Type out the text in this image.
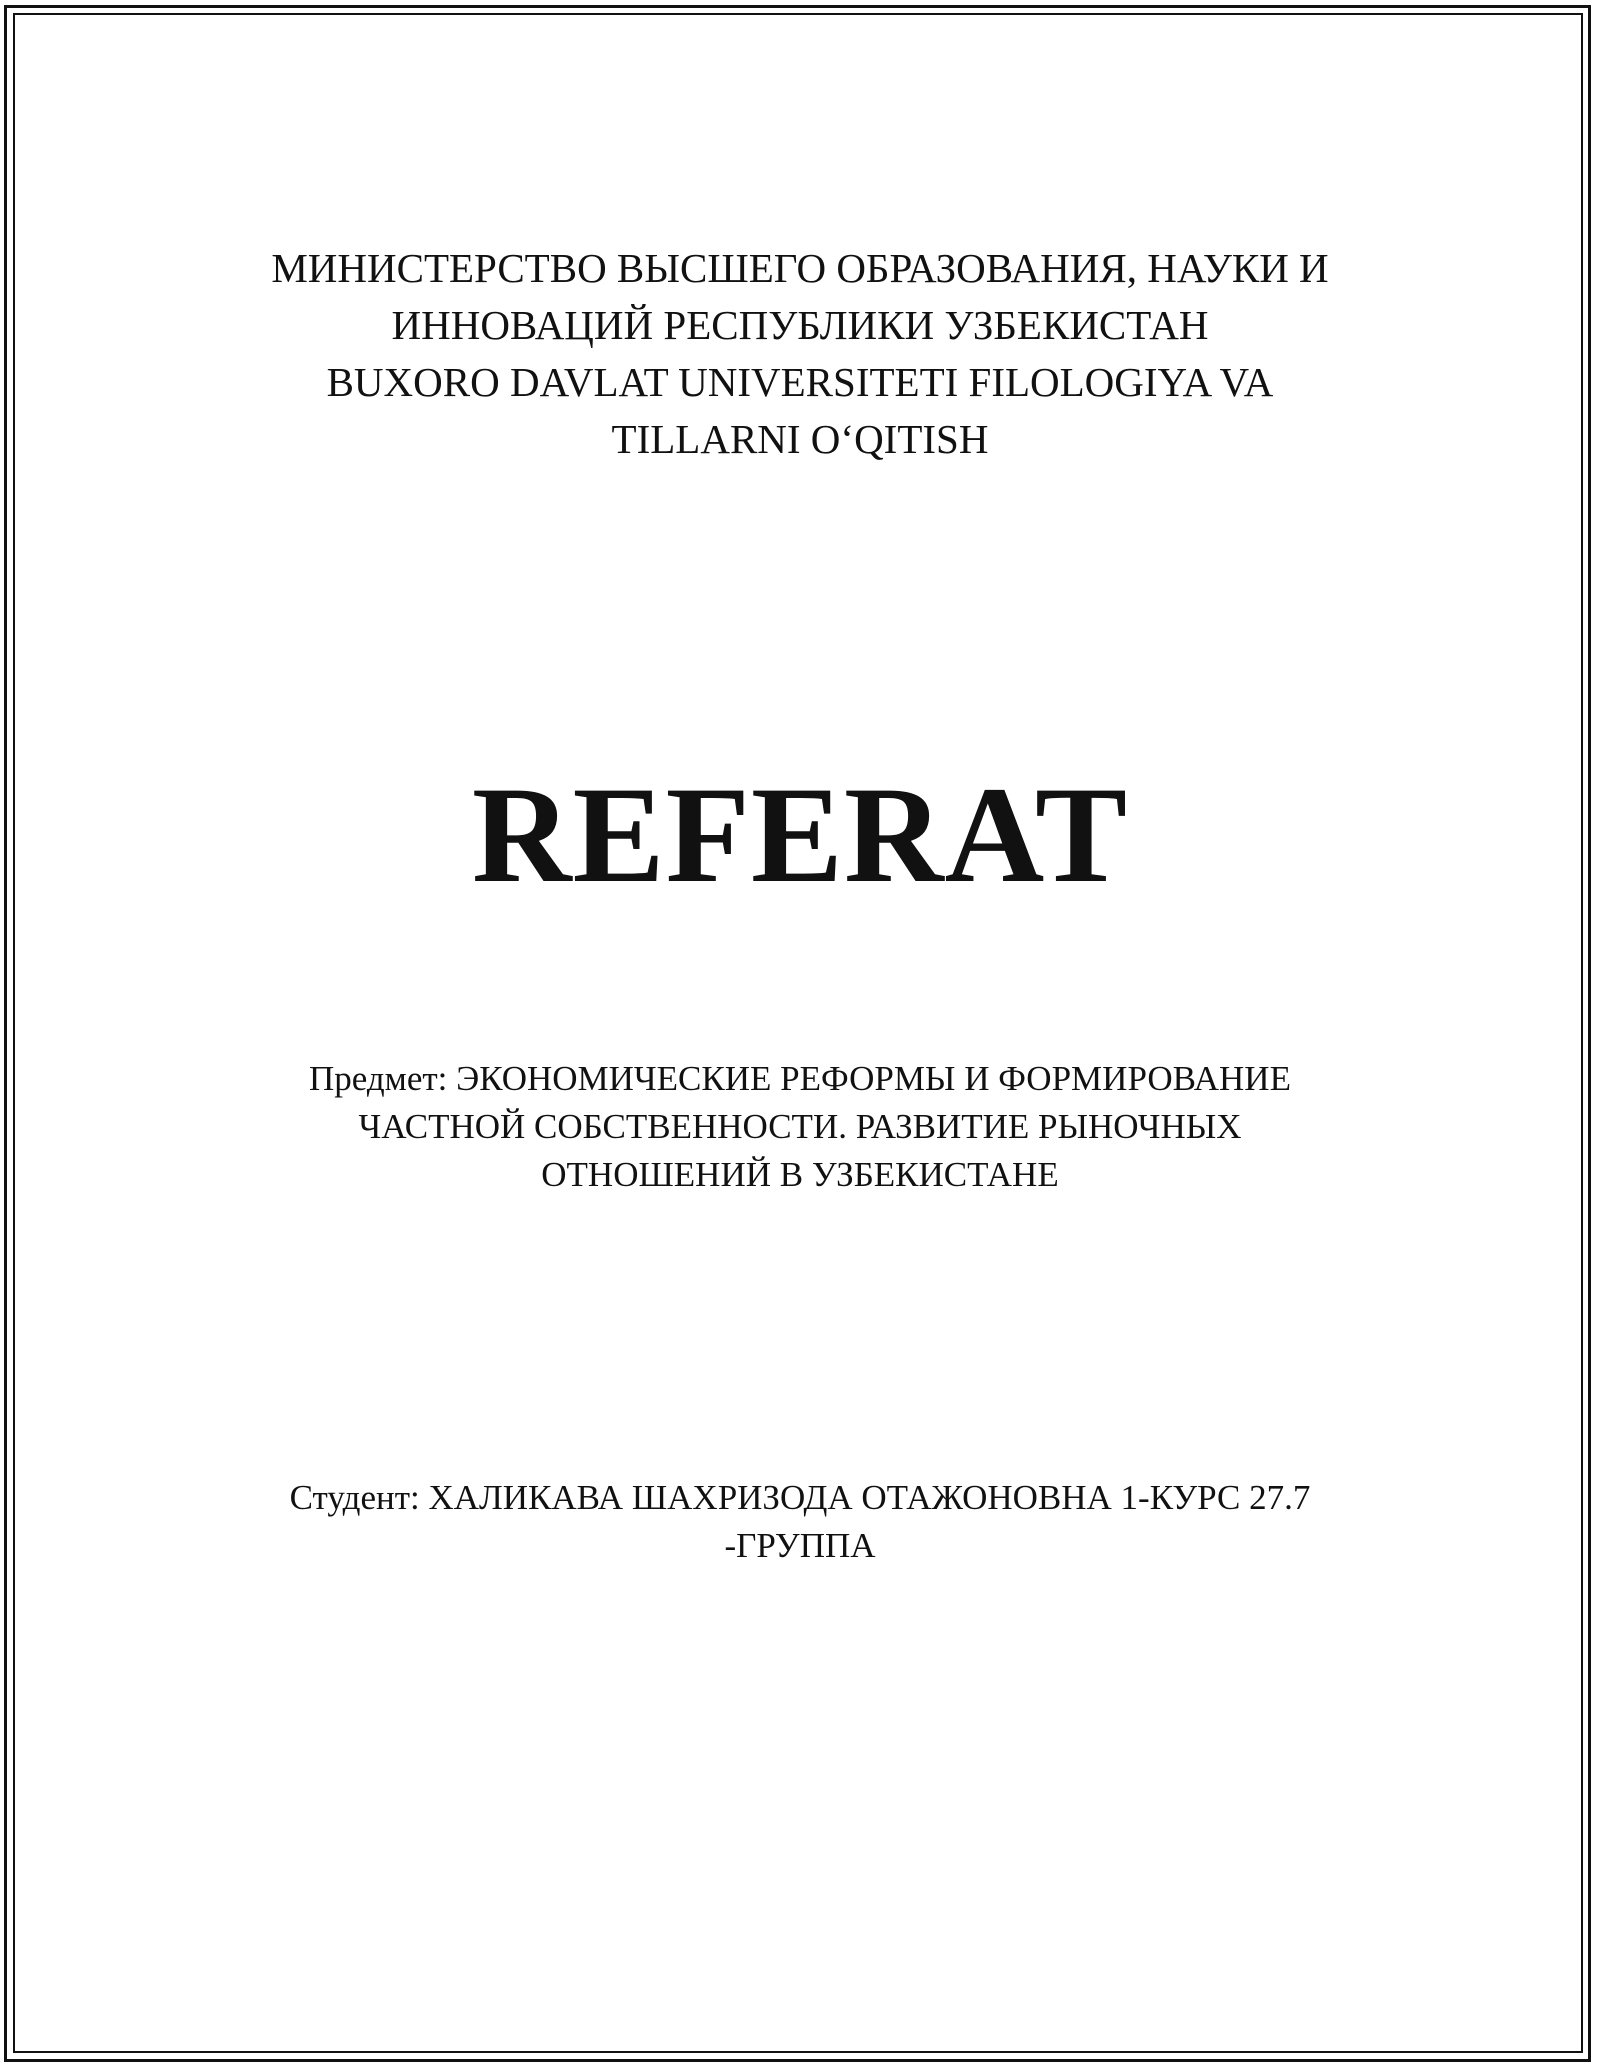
МИНИСТЕРСТВО ВЫСШЕГО ОБРАЗОВАНИЯ, НАУКИ И
ИННОВАЦИЙ РЕСПУБЛИКИ УЗБЕКИСТАН
BUXORO DAVLAT UNIVERSITETI FILOLOGIYA VA
TILLARNI O‘QITISH
REFERAT
Предмет: ЭКОНОМИЧЕСКИЕ РЕФОРМЫ И ФОРМИРОВАНИЕ
ЧАСТНОЙ СОБСТВЕННОСТИ. РАЗВИТИЕ РЫНОЧНЫХ
ОТНОШЕНИЙ В УЗБЕКИСТАНЕ
Студент: ХАЛИКАВА ШАХРИЗОДА ОТАЖОНОВНА 1-КУРС 27.7
-ГРУППА
